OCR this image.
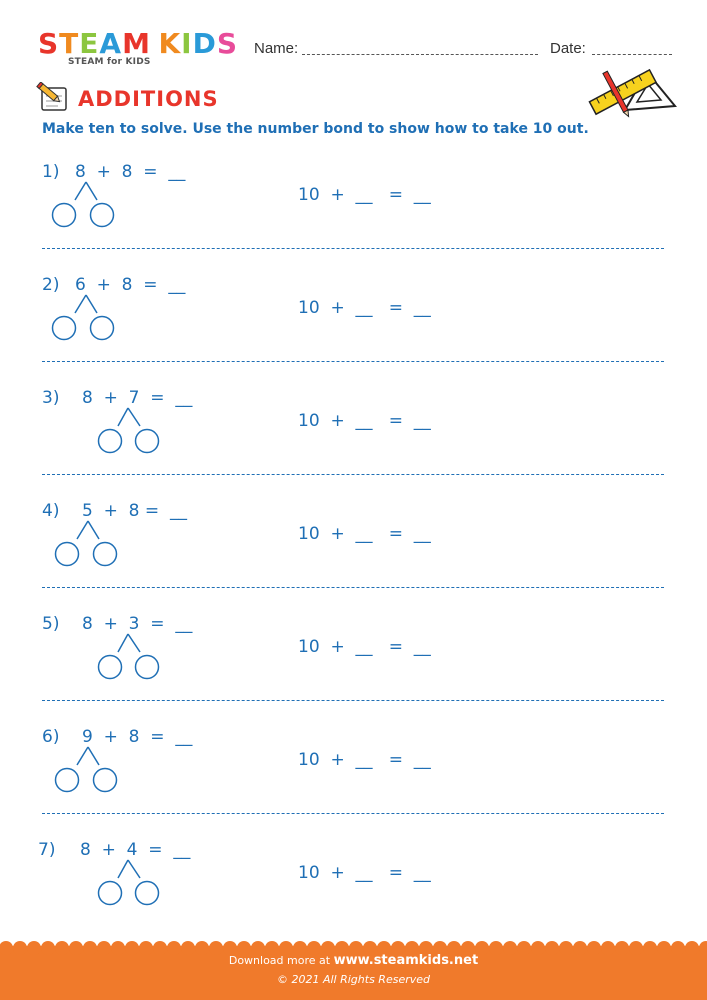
S T E A M K I D S
STEAM for KIDS
Name:	Date:
ADDITIONS
Make ten to solve. Use the number bond to show how to take 10 out.
1) 8  +  8  =  __
10  +  __   =  __
2) 6  +  8  =  __
10  +  __   =  __
3) 8  +  7  =  __
10  +  __   =  __
4) 5  +  8 =  __
10  +  __   =  __
5) 8  +  3  =  __
10  +  __   =  __
6) 9  +  8  =  __
10  +  __   =  __
7) 8  +  4  =  __
10  +  __   =  __
Download more at www.steamkids.net
© 2021 All Rights Reserved
